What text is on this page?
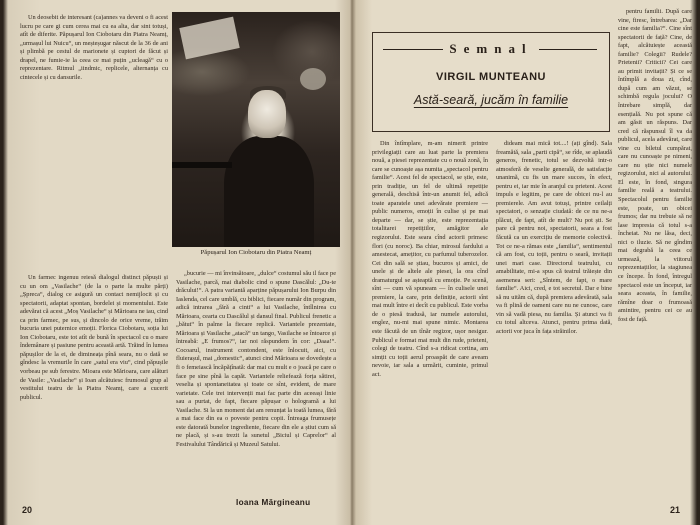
Un deosebit de interesant (ca)annes va deveni o fi acest lucru pe care gi cum cerea mai cu ea alta, dar sint totuși, atît de diferite. Păpușarul Ion Ciobotaru din Piatra Neamț, „urmașul lui Nuicu“, un meșteșugar născut de la 36 de ani și plimbă pe cestul de marionete și cuptori de făcut și drapel, ne fumie-ie la ceea ce mai puțin „ucleagă“ cu o reprezentare. Ritmul „iindmic, replicele, alternanța cu cintecele și cu dansurile.

Păpușarul Ion Ciobotaru din Piatra Neamț

Un farmec ingenuu reiesă dialogul distinct păpușii și cu un om „Vasilache“ (de la o parte la multe părți) „Șpreca“, dialog ce asigură un contact nemijlocit și cu spectatorii, adaptat spontan, bordelei și momentului. Este adevărat că acest „Moș Vasilache“ și Mărioara ne iau, cind ca prin farmec, pe sus, și dincolo de orice vreme, trăim bucuria unei puternice emoții. Florica Ciobotaru, soția lui Ion Ciobotaru, este tot atît de bună în spectacol cu o mare îndemânare și pasiune pentru această artă. Trăind în lumea păpușilor de la ei, de dimineața pînă seara, nu o dată se gîndesc la vremurile în care „satul era viu“, cind păpușile vorbeau pe sub ferestre. Mioara este Mărioara, care alături de Vasile: „Vasilache“ și Ioan alcătuiesc frumosul grup al vestitului teatru de la Piatra Neamț, care a cucerit publicul.

„bucurie — mi învinsătoare, „dulce“ costumul său il face pe Vasilache, parcă, mai diabolic cind o spune Dascălul: „Du-te drăcului!“. A patra variantă aparține păpușarului Ion Burpu din Iaslenda, cel care umblă, cu biblici, fiecare număr din program, adică intrarea „fără a cinti“ a lui Vasilache, întîlnirea cu Mărioara, cearta cu Dascălul și dansul final. Publicul frenetic a „bătut“ în palme la fiecare replică. Variantele prezentate, Mărioara și Vasilache „atacă“ un tango, Vasilache se întoarce și întreabă: „E frumos?“, iar noi răspundem în cor: „Daaa!“. Cocoarul, instrument contondent, este înlocuit, aici, cu fluierașul, mai „domestic“, atunci cind Mărioara se dovedește a fi o femeiască încăpățînată: dar mai cu mult e o joacă pe care o face pe sine pînă la capăt. Variantele reliefează forța sătirei, veselia și spontaneitatea și toate ce sînt, evident, de mare varietate. Cele trei intervenții mai fac parte din aceeași linie sau a purtat, de fapt, fiecare păpușar o hologramă a lui Vasilache. Si la un moment dat am renunțat la toată lumea, fără a mai face din ea o poveste pentru copii. Întreaga frumusețe este datorată bunelor ingrediente, fiecare din ele a știut cum să ne placă, și s-au trezit la sunetul „Biciul și Caprelor“ al Festivalului Tândărică și Muzeul Satului.

Ioana Mărgineanu
20
Semnal
VIRGIL MUNTEANU
Astă-seară, jucăm în familie

Din întîmplare, m-am nimerit printre privilegiații care au luat parte la premiera nouă, a piesei reprezentate cu o nouă zonă, în care se cunoaște așa numita „spectacol pentru familie“. Acest fel de spectacol, se știe, este, prin tradiție, un fel de ultimă repetiție generală, deschisă într-un anumit fel, adică toate aparatele unei adevărate premiere — public numeros, emoții în culise și pe mai departe — dar, se știe, este reprezentația totalitarei repetițiilor, amăgitor ale regizorului. Este seara cînd actorii primesc flori (cu noroc). Ba chiar, mirosul fardului a amestecat, amețitor, cu parfumul tuberozelor. Cei din sală se știau, bucuros și amici, de unele și de altele ale piesei, la ora cînd dramaturgul se așteaptă cu emoție. Pe scenă, sînt — cum vă spuneam — în culisele unei premiere, la care, prin definiție, actorii sînt mai mult între ei decît cu publicul. Este vorba de o piesă tradusă, iar numele autorului, englez, nu-mi mai spune nimic. Montarea este făcută de un tînăr regizor, ușor nesigur. Publicul e format mai mult din rude, prieteni, colegi de teatru. Cînd s-a ridicat cortina, am simțit cu toții aerul proaspăt de care aveam nevoie, iar sala a urmărit, cuminte, primul act.

dideam mai mică tot....! (ați gînd). Sala freamătă, sala „parti cipă“, se rîde, se aplaudă generos, frenetic, totul se dezvoltă intr-o atmosferă de veselie generală, de satisfacție unanimă, cu fis un mare succes, în efect, pentru ei, iar mie în aranjul cu prieteni. Acest impuls e legitim, pe care de obicei nu-l au premierele. Am avut totuși, printre ceilalți spectatori, o senzație ciudată: de ce nu ne-a plăcut, de fapt, atît de mult? Nu pot ști. Se pare că pentru noi, spectatorii, seara a fost făcută ca un exercițiu de memorie colectivă. Tot ce ne-a rămas este „familia“, sentimentul că am fost, cu toții, pentru o seară, invitații unei mari case. Directorul teatrului, cu amabilitate, mi-a spus că teatrul trăiește din asemenea seri: „Sîntem, de fapt, o mare familie“. Aici, cred, e tot secretul. Dar e bine să nu uităm că, după premiera adevărată, sala va fi plină de oameni care nu ne cunosc, care vin să vadă piesa, nu familia. Și atunci va fi cu totul altceva. Atunci, pentru prima dată, actorii vor juca în fața străinilor.

pentru familii. După care vine, firesc, întrebarea: „Dar cine este familia?“. Cine sînt spectatorii de față? Cine, de fapt, alcătuiește această familie? Colegii? Rudele? Prietenii? Criticii? Cei care au primit invitații? Și ce se întîmplă a doua zi, cînd, după cum am văzut, se schimbă regula jocului? O întrebare simplă, dar esențială. Nu pot spune că am găsit un răspuns. Dar cred că răspunsul îl va da publicul, acela adevărat, care vine cu biletul cumpărat, care nu cunoaște pe nimeni, care nu știe nici numele regizorului, nici al autorului. El este, în fond, singura familie reală a teatrului. Spectacolul pentru familie este, poate, un obicei frumos; dar nu trebuie să ne lase impresia că totul s-a încheiat. Nu ne lăsa, deci, nici o iluzie. Să ne gîndim mai degrabă la ceea ce urmează, la viitorul reprezentațiilor, la stagiunea ce începe. În fond, întregul spectacol este un început, iar seara aceasta, în familie, rămîne doar o frumoasă amintire, pentru cei ce au fost de față.

21
